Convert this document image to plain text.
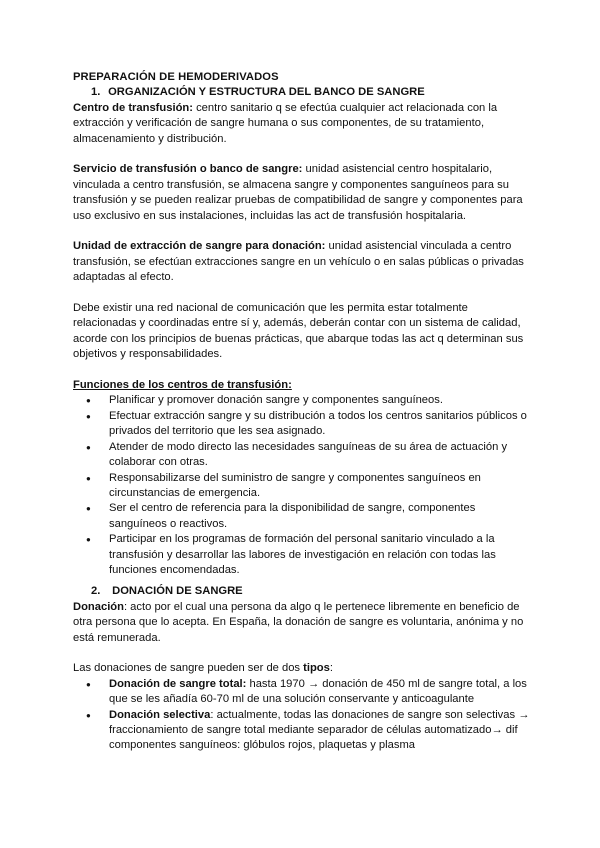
PREPARACIÓN DE HEMODERIVADOS
1. ORGANIZACIÓN Y ESTRUCTURA DEL BANCO DE SANGRE

Centro de transfusión: centro sanitario q se efectúa cualquier act relacionada con la extracción y verificación de sangre humana o sus componentes, de su tratamiento, almacenamiento y distribución.

Servicio de transfusión o banco de sangre: unidad asistencial centro hospitalario, vinculada a centro transfusión, se almacena sangre y componentes sanguíneos para su transfusión y se pueden realizar pruebas de compatibilidad de sangre y componentes para uso exclusivo en sus instalaciones, incluidas las act de transfusión hospitalaria.

Unidad de extracción de sangre para donación: unidad asistencial vinculada a centro transfusión, se efectúan extracciones sangre en un vehículo o en salas públicas o privadas adaptadas al efecto.

Debe existir una red nacional de comunicación que les permita estar totalmente relacionadas y coordinadas entre sí y, además, deberán contar con un sistema de calidad, acorde con los principios de buenas prácticas, que abarque todas las act q determinan sus objetivos y responsabilidades.

Funciones de los centros de transfusión:
● Planificar y promover donación sangre y componentes sanguíneos.
● Efectuar extracción sangre y su distribución a todos los centros sanitarios públicos o privados del territorio que les sea asignado.
● Atender de modo directo las necesidades sanguíneas de su área de actuación y colaborar con otras.
● Responsabilizarse del suministro de sangre y componentes sanguíneos en circunstancias de emergencia.
● Ser el centro de referencia para la disponibilidad de sangre, componentes sanguíneos o reactivos.
● Participar en los programas de formación del personal sanitario vinculado a la transfusión y desarrollar las labores de investigación en relación con todas las funciones encomendadas.
2. DONACIÓN DE SANGRE

Donación: acto por el cual una persona da algo q le pertenece libremente en beneficio de otra persona que lo acepta. En España, la donación de sangre es voluntaria, anónima y no está remunerada.

Las donaciones de sangre pueden ser de dos tipos:

● Donación de sangre total: hasta 1970 → donación de 450 ml de sangre total, a los que se les añadía 60-70 ml de una solución conservante y anticoagulante
● Donación selectiva: actualmente, todas las donaciones de sangre son selectivas → fraccionamiento de sangre total mediante separador de células automatizado→ dif componentes sanguíneos: glóbulos rojos, plaquetas y plasma
